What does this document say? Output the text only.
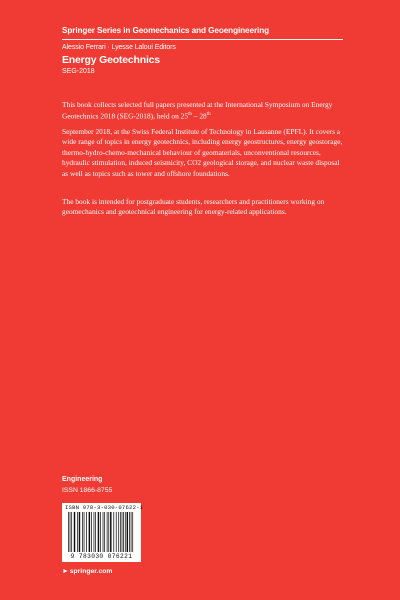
Springer Series in Geomechanics and Geoengineering
Alessio Ferrari · Lyesse Laloui Editors
Energy Geotechnics
SEG-2018

This book collects selected full papers presented at the International Symposium on Energy Geotechnics 2018 (SEG-2018), held on 25th – 28th

September 2018, at the Swiss Federal Institute of Technology in Lausanne (EPFL). It covers a wide range of topics in energy geotechnics, including energy geostructures, energy geostorage, thermo-hydro-chemo-mechanical behaviour of geomaterials, unconventional resources, hydraulic stimulation, induced seismicity, CO2 geological storage, and nuclear waste disposal as well as topics such as tower and offshore foundations.

The book is intended for postgraduate students, researchers and practitioners working on geomechanics and geotechnical engineering for energy-related applications.

Engineering
ISSN 1866-8755
ISBN 978-3-030-07622-1
9 783030 076221
►springer.com
